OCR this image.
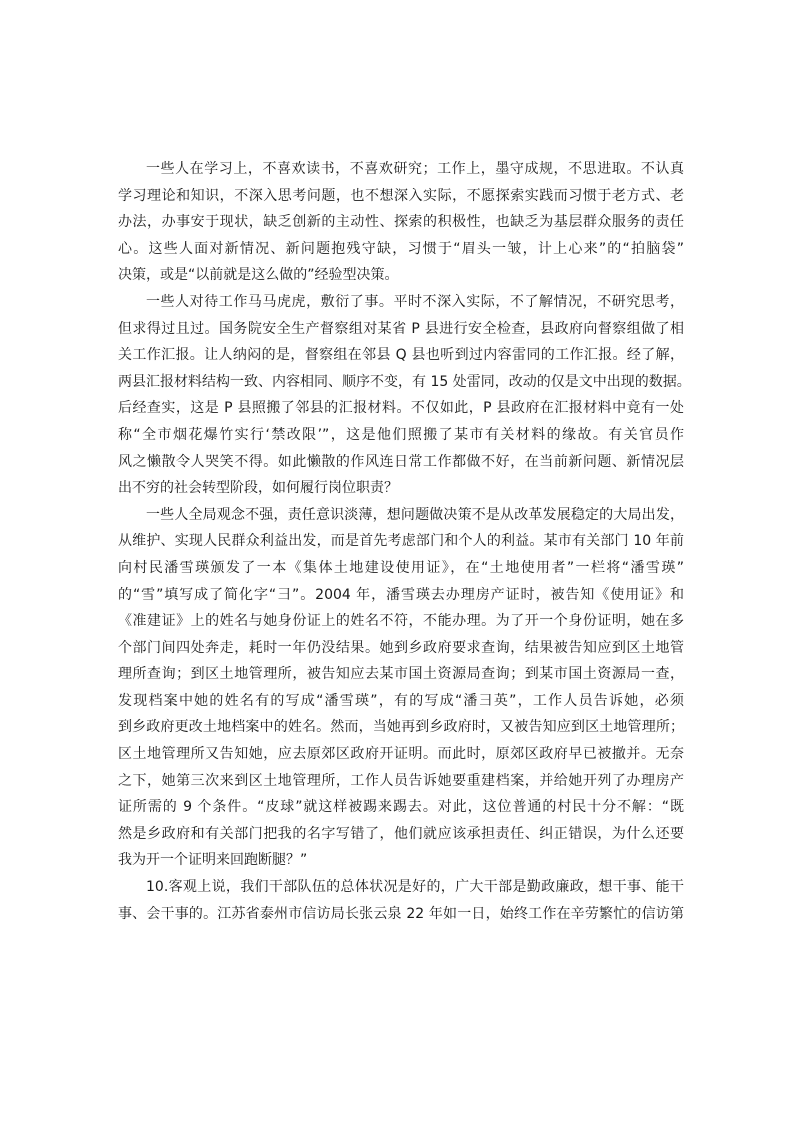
一些人在学习上，不喜欢读书，不喜欢研究；工作上，墨守成规，不思进取。不认真
学习理论和知识，不深入思考问题，也不想深入实际，不愿探索实践而习惯于老方式、老
办法，办事安于现状，缺乏创新的主动性、探索的积极性，也缺乏为基层群众服务的责任
心。这些人面对新情况、新问题抱残守缺，习惯于“眉头一皱，计上心来”的“拍脑袋”
决策，或是“以前就是这么做的”经验型决策。
一些人对待工作马马虎虎，敷衍了事。平时不深入实际，不了解情况，不研究思考，
但求得过且过。国务院安全生产督察组对某省 P 县进行安全检查，县政府向督察组做了相
关工作汇报。让人纳闷的是，督察组在邻县 Q 县也听到过内容雷同的工作汇报。经了解，
两县汇报材料结构一致、内容相同、顺序不变，有 15 处雷同，改动的仅是文中出现的数据。
后经查实，这是 P 县照搬了邻县的汇报材料。不仅如此，P 县政府在汇报材料中竟有一处
称“全市烟花爆竹实行‘禁改限’”，这是他们照搬了某市有关材料的缘故。有关官员作
风之懒散令人哭笑不得。如此懒散的作风连日常工作都做不好，在当前新问题、新情况层
出不穷的社会转型阶段，如何履行岗位职责？
一些人全局观念不强，责任意识淡薄，想问题做决策不是从改革发展稳定的大局出发，
从维护、实现人民群众利益出发，而是首先考虑部门和个人的利益。某市有关部门 10 年前
向村民潘雪瑛颁发了一本《集体土地建设使用证》，在“土地使用者”一栏将“潘雪瑛”
的“雪”填写成了简化字“彐”。2004 年，潘雪瑛去办理房产证时，被告知《使用证》和
《准建证》上的姓名与她身份证上的姓名不符，不能办理。为了开一个身份证明，她在多
个部门间四处奔走，耗时一年仍没结果。她到乡政府要求查询，结果被告知应到区土地管
理所查询；到区土地管理所，被告知应去某市国土资源局查询；到某市国土资源局一查，
发现档案中她的姓名有的写成“潘雪瑛”，有的写成“潘彐英”，工作人员告诉她，必须
到乡政府更改土地档案中的姓名。然而，当她再到乡政府时，又被告知应到区土地管理所；
区土地管理所又告知她，应去原郊区政府开证明。而此时，原郊区政府早已被撤并。无奈
之下，她第三次来到区土地管理所，工作人员告诉她要重建档案，并给她开列了办理房产
证所需的 9 个条件。“皮球”就这样被踢来踢去。对此，这位普通的村民十分不解：“既
然是乡政府和有关部门把我的名字写错了，他们就应该承担责任、纠正错误，为什么还要
我为开一个证明来回跑断腿？”
10.客观上说，我们干部队伍的总体状况是好的，广大干部是勤政廉政，想干事、能干
事、会干事的。江苏省泰州市信访局长张云泉 22 年如一日，始终工作在辛劳繁忙的信访第
